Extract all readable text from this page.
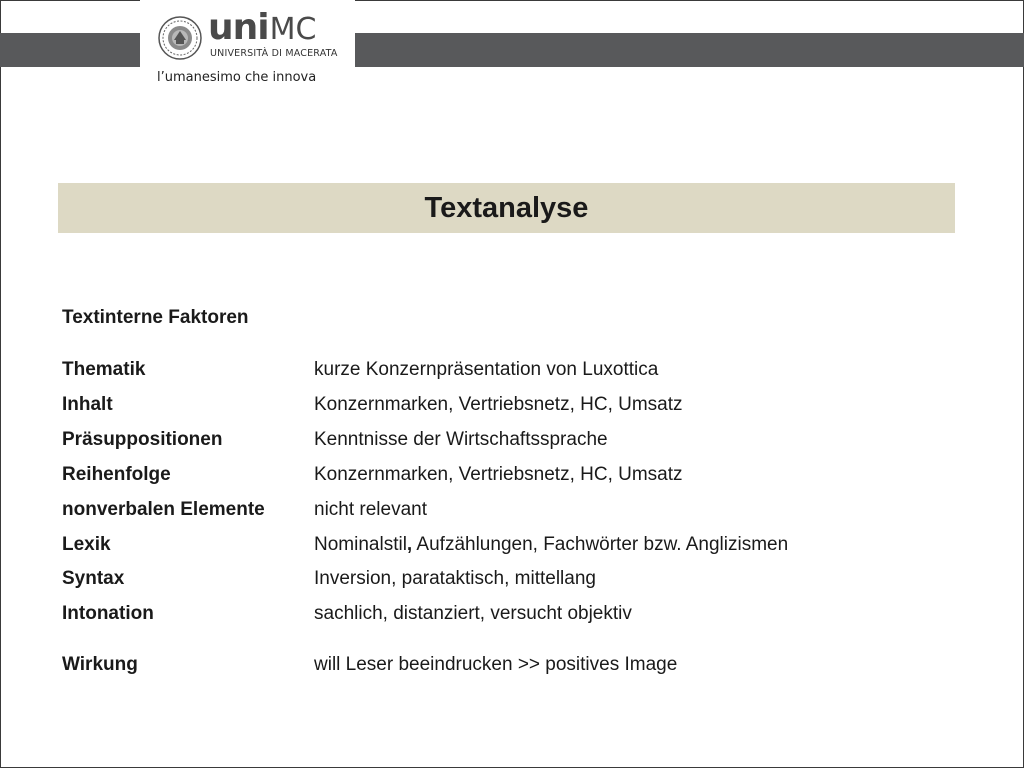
uniMC
UNIVERSITÀ DI MACERATA
l’umanesimo che innova
Textanalyse
Textinterne Faktoren
Thematik	kurze Konzernpräsentation von Luxottica
Inhalt	Konzernmarken, Vertriebsnetz, HC, Umsatz
Präsuppositionen	Kenntnisse der Wirtschaftssprache
Reihenfolge	Konzernmarken, Vertriebsnetz, HC, Umsatz
nonverbalen Elemente	nicht relevant
Lexik	Nominalstil, Aufzählungen, Fachwörter bzw. Anglizismen
Syntax	Inversion, parataktisch, mittellang
Intonation	sachlich, distanziert, versucht objektiv
Wirkung	will Leser beeindrucken >> positives Image
